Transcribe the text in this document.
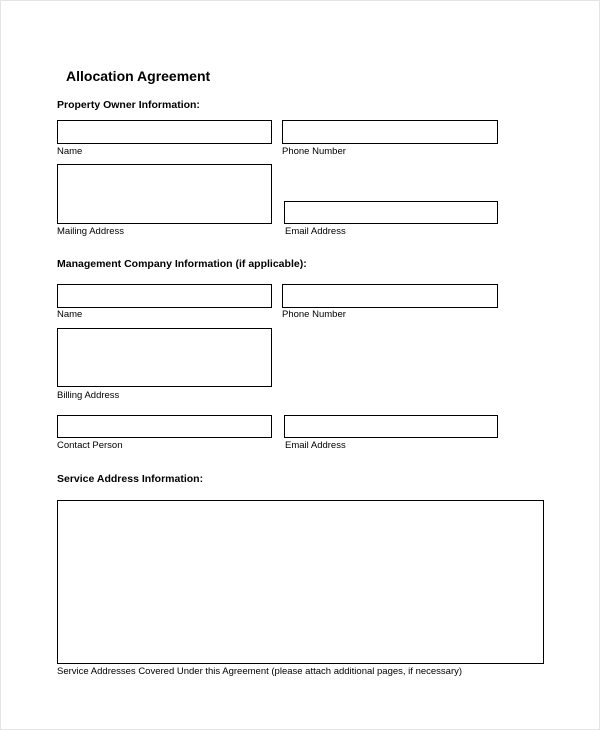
Allocation Agreement
Property Owner Information:
Name	Phone Number
Mailing Address	Email Address
Management Company Information (if applicable):
Name	Phone Number
Billing Address
Contact Person	Email Address
Service Address Information:
Service Addresses Covered Under this Agreement (please attach additional pages, if necessary)
